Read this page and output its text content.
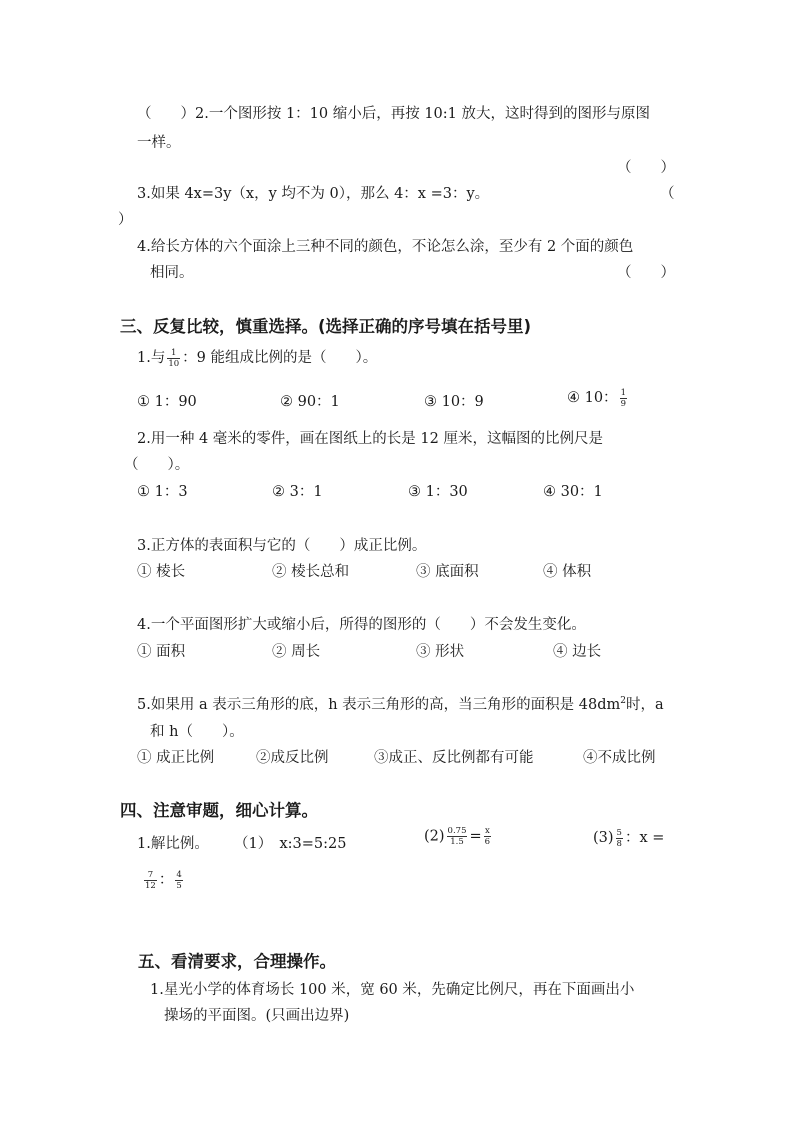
（　　）2.一个图形按 1：10 缩小后，再按 10:1 放大，这时得到的图形与原图
一样。
（　　）
3.如果 4x=3y（x，y 均不为 0），那么 4：x =3：y。	（
）
4.给长方体的六个面涂上三种不同的颜色，不论怎么涂，至少有 2 个面的颜色
相同。	（　　）
三、反复比较，慎重选择。(选择正确的序号填在括号里)
1.与 $\frac{1}{10}$ ：9 能组成比例的是（　　）。
① 1：90	② 90：1	③ 10：9	④ 10： $\frac{1}{9}$
2.用一种 4 毫米的零件，画在图纸上的长是 12 厘米，这幅图的比例尺是
（　　）。
① 1：3	② 3：1	③ 1：30	④ 30：1
3.正方体的表面积与它的（　　）成正比例。
① 棱长	② 棱长总和	③ 底面积	④ 体积
4.一个平面图形扩大或缩小后，所得的图形的（　　）不会发生变化。
① 面积	② 周长	③ 形状	④ 边长
5.如果用 a 表示三角形的底，h 表示三角形的高，当三角形的面积是 $48dm^2$时，a
和 h（　　）。
① 成正比例	②成反比例	③成正、反比例都有可能	④不成比例
四、注意审题，细心计算。
1.解比例。 （1）　x:3=5:25	$(2) \frac{0.75}{1.5} = \frac{x}{6}$	$(3) \frac{5}{8}$ ：x =
$\frac{7}{12}$ ： $\frac{4}{5}$
五、看清要求，合理操作。
1.星光小学的体育场长 100 米，宽 60 米，先确定比例尺，再在下面画出小
操场的平面图。(只画出边界)
